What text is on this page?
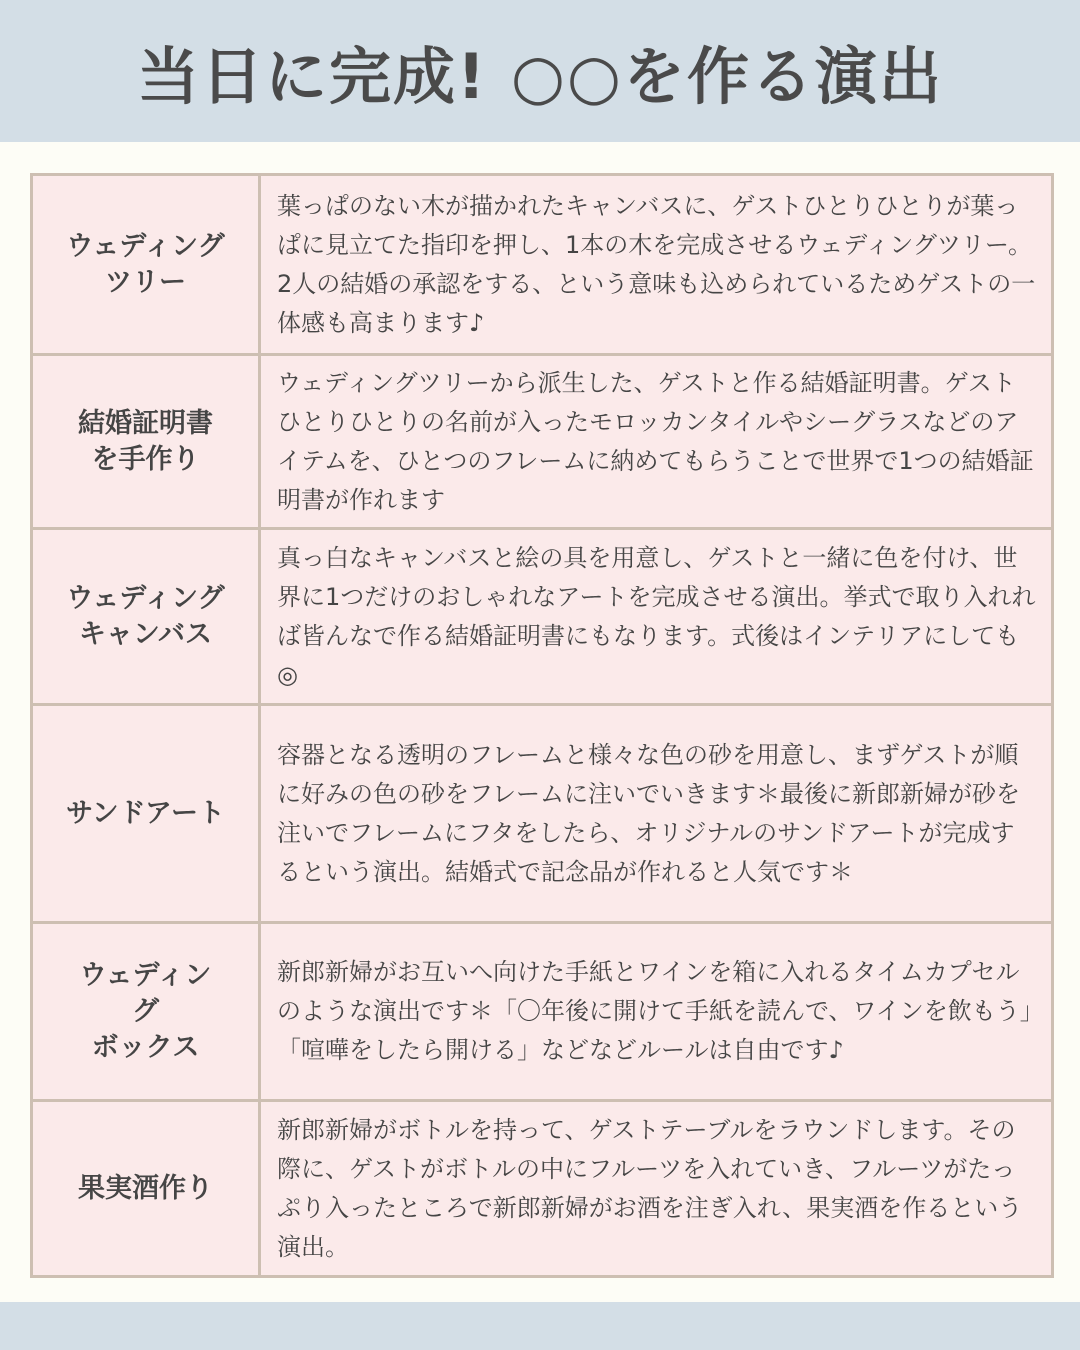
当日に完成! ○○を作る演出
ウェディング
ツリー
葉っぱのない木が描かれたキャンバスに、ゲストひとりひとりが葉っぱに見立てた指印を押し、1本の木を完成させるウェディングツリー。2人の結婚の承認をする、という意味も込められているためゲストの一体感も高まります♪
結婚証明書
を手作り
ウェディングツリーから派生した、ゲストと作る結婚証明書。ゲストひとりひとりの名前が入ったモロッカンタイルやシーグラスなどのアイテムを、ひとつのフレームに納めてもらうことで世界で1つの結婚証明書が作れます
ウェディング
キャンバス
真っ白なキャンバスと絵の具を用意し、ゲストと一緒に色を付け、世界に1つだけのおしゃれなアートを完成させる演出。挙式で取り入れれば皆んなで作る結婚証明書にもなります。式後はインテリアにしても◎
サンドアート
容器となる透明のフレームと様々な色の砂を用意し、まずゲストが順に好みの色の砂をフレームに注いでいきます＊最後に新郎新婦が砂を注いでフレームにフタをしたら、オリジナルのサンドアートが完成するという演出。結婚式で記念品が作れると人気です＊
ウェディン
グ
ボックス
新郎新婦がお互いへ向けた手紙とワインを箱に入れるタイムカプセルのような演出です＊「〇年後に開けて手紙を読んで、ワインを飲もう」「喧嘩をしたら開ける」などなどルールは自由です♪
果実酒作り
新郎新婦がボトルを持って、ゲストテーブルをラウンドします。その際に、ゲストがボトルの中にフルーツを入れていき、フルーツがたっぷり入ったところで新郎新婦がお酒を注ぎ入れ、果実酒を作るという演出。
